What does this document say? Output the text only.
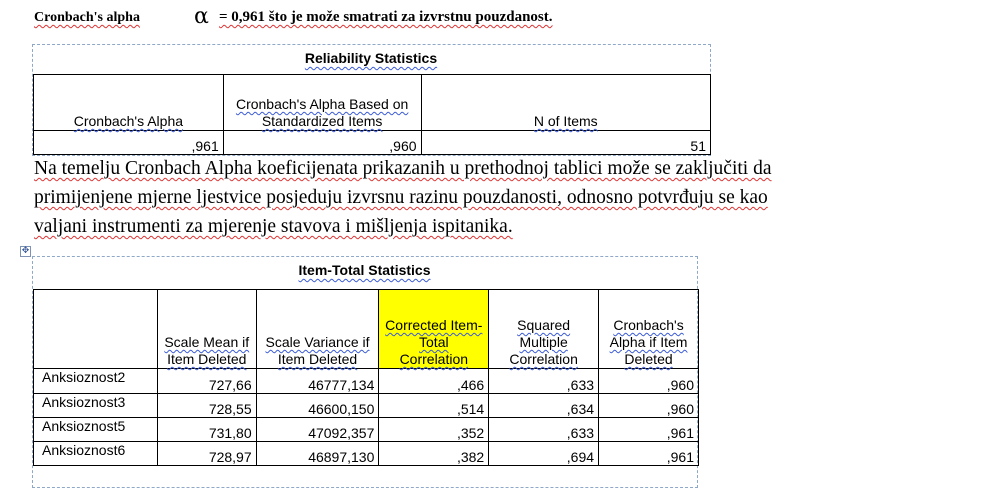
Cronbach's alpha α = 0,961 što je može smatrati za izvrstnu pouzdanost.
Reliability Statistics
Cronbach's Alpha	Cronbach's Alpha Based on Standardized Items	N of Items
,961	,960	51
Na temelju Cronbach Alpha koeficijenata prikazanih u prethodnoj tablici može se zaključiti da
primijenjene mjerne ljestvice posjeduju izvrsnu razinu pouzdanosti, odnosno potvrđuju se kao
valjani instrumenti za mjerenje stavova i mišljenja ispitanika.
✥
Item-Total Statistics
	Scale Mean if Item Deleted	Scale Variance if Item Deleted	Corrected Item-Total Correlation	Squared Multiple Correlation	Cronbach's Alpha if Item Deleted
Anksioznost2	727,66	46777,134	,466	,633	,960
Anksioznost3	728,55	46600,150	,514	,634	,960
Anksioznost5	731,80	47092,357	,352	,633	,961
Anksioznost6	728,97	46897,130	,382	,694	,961
